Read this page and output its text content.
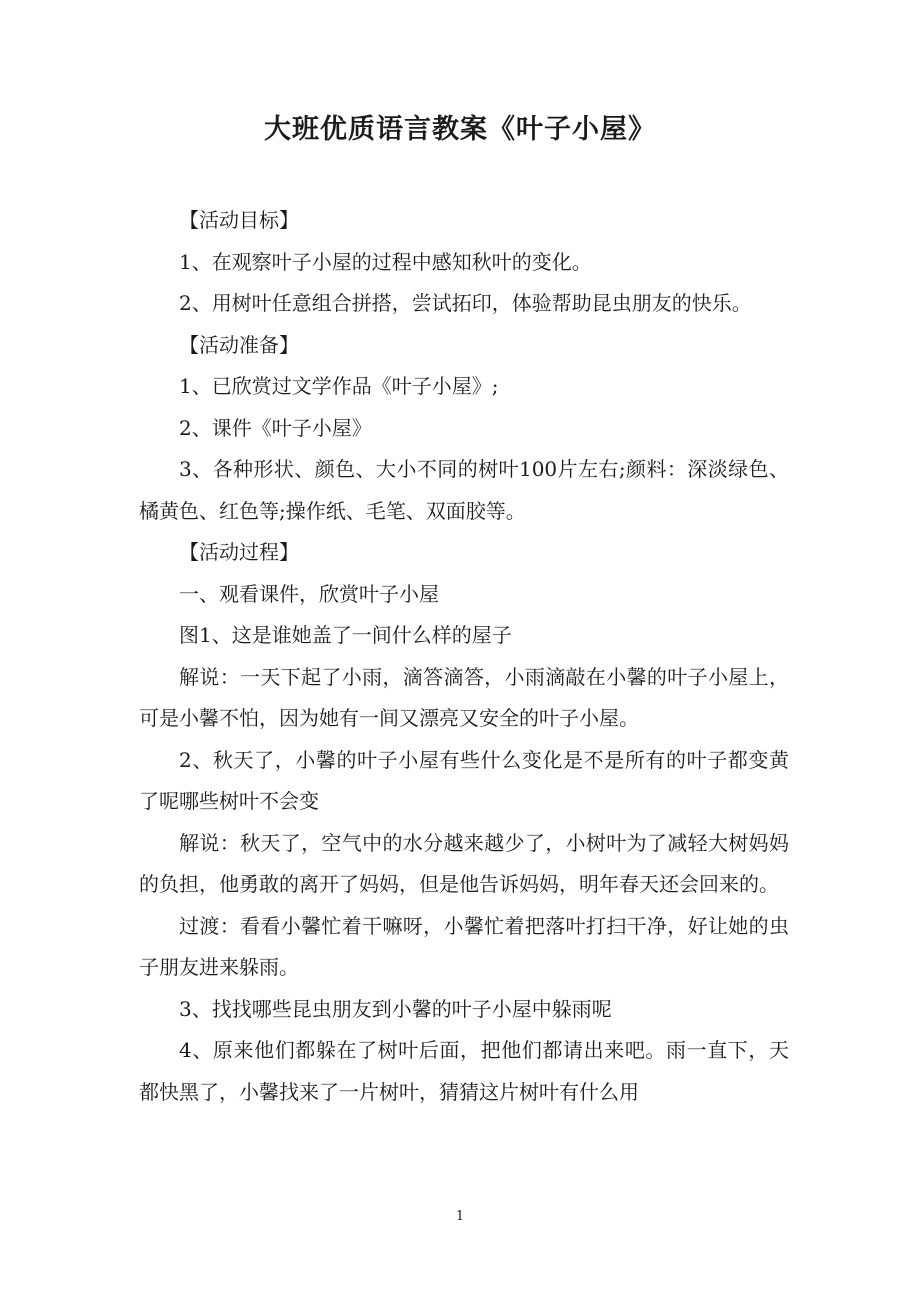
大班优质语言教案《叶子小屋》

【活动目标】

1、在观察叶子小屋的过程中感知秋叶的变化。

2、用树叶任意组合拼搭，尝试拓印，体验帮助昆虫朋友的快乐。

【活动准备】

1、已欣赏过文学作品《叶子小屋》;

2、课件《叶子小屋》

3、各种形状、颜色、大小不同的树叶100片左右;颜料：深淡绿色、橘黄色、红色等;操作纸、毛笔、双面胶等。

【活动过程】

一、观看课件，欣赏叶子小屋

图1、这是谁她盖了一间什么样的屋子

解说：一天下起了小雨，滴答滴答，小雨滴敲在小馨的叶子小屋上，可是小馨不怕，因为她有一间又漂亮又安全的叶子小屋。

2、秋天了，小馨的叶子小屋有些什么变化是不是所有的叶子都变黄了呢哪些树叶不会变

解说：秋天了，空气中的水分越来越少了，小树叶为了减轻大树妈妈的负担，他勇敢的离开了妈妈，但是他告诉妈妈，明年春天还会回来的。

过渡：看看小馨忙着干嘛呀，小馨忙着把落叶打扫干净，好让她的虫子朋友进来躲雨。

3、找找哪些昆虫朋友到小馨的叶子小屋中躲雨呢

4、原来他们都躲在了树叶后面，把他们都请出来吧。雨一直下，天都快黑了，小馨找来了一片树叶，猜猜这片树叶有什么用

1
